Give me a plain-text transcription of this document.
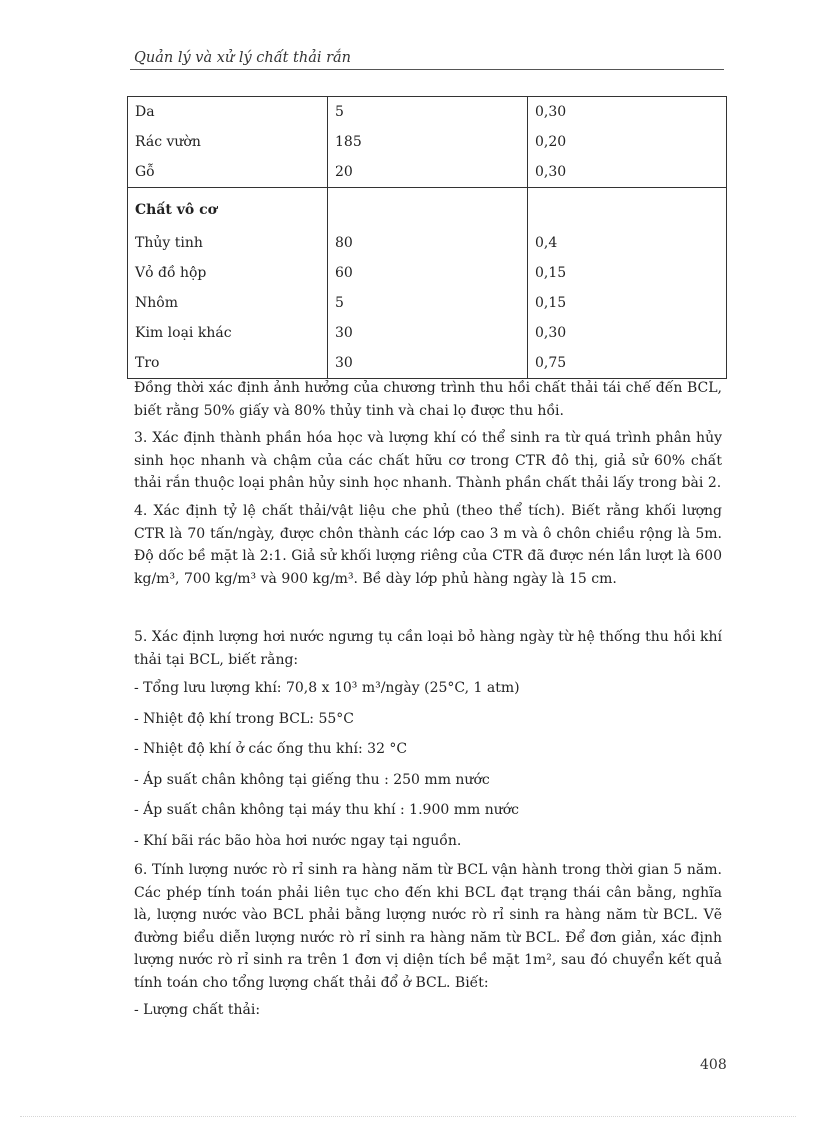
Quản lý và xử lý chất thải rắn
Da	5	0,30
Rác vườn	185	0,20
Gỗ	20	0,30
Chất vô cơ		
Thủy tinh	80	0,4
Vỏ đồ hộp	60	0,15
Nhôm	5	0,15
Kim loại khác	30	0,30
Tro	30	0,75

Đồng thời xác định ảnh hưởng của chương trình thu hồi chất thải tái chế đến BCL, biết rằng 50% giấy và 80% thủy tinh và chai lọ được thu hồi.

3. Xác định thành phần hóa học và lượng khí có thể sinh ra từ quá trình phân hủy sinh học nhanh và chậm của các chất hữu cơ trong CTR đô thị, giả sử 60% chất thải rắn thuộc loại phân hủy sinh học nhanh. Thành phần chất thải lấy trong bài 2.

4. Xác định tỷ lệ chất thải/vật liệu che phủ (theo thể tích). Biết rằng khối lượng CTR là 70 tấn/ngày, được chôn thành các lớp cao 3 m và ô chôn chiều rộng là 5m. Độ dốc bề mặt là 2:1. Giả sử khối lượng riêng của CTR đã được nén lần lượt là 600 kg/m³, 700 kg/m³ và 900 kg/m³. Bề dày lớp phủ hàng ngày là 15 cm.

5. Xác định lượng hơi nước ngưng tụ cần loại bỏ hàng ngày từ hệ thống thu hồi khí thải tại BCL, biết rằng:

- Tổng lưu lượng khí: 70,8 x 10³ m³/ngày (25°C, 1 atm)

- Nhiệt độ khí trong BCL: 55°C

- Nhiệt độ khí ở các ống thu khí: 32 °C

- Áp suất chân không tại giếng thu : 250 mm nước

- Áp suất chân không tại máy thu khí : 1.900 mm nước

- Khí bãi rác bão hòa hơi nước ngay tại nguồn.

6. Tính lượng nước rò rỉ sinh ra hàng năm từ BCL vận hành trong thời gian 5 năm. Các phép tính toán phải liên tục cho đến khi BCL đạt trạng thái cân bằng, nghĩa là, lượng nước vào BCL phải bằng lượng nước rò rỉ sinh ra hàng năm từ BCL. Vẽ đường biểu diễn lượng nước rò rỉ sinh ra hàng năm từ BCL. Để đơn giản, xác định lượng nước rò rỉ sinh ra trên 1 đơn vị diện tích bề mặt 1m², sau đó chuyển kết quả tính toán cho tổng lượng chất thải đổ ở BCL. Biết:

- Lượng chất thải:

408
